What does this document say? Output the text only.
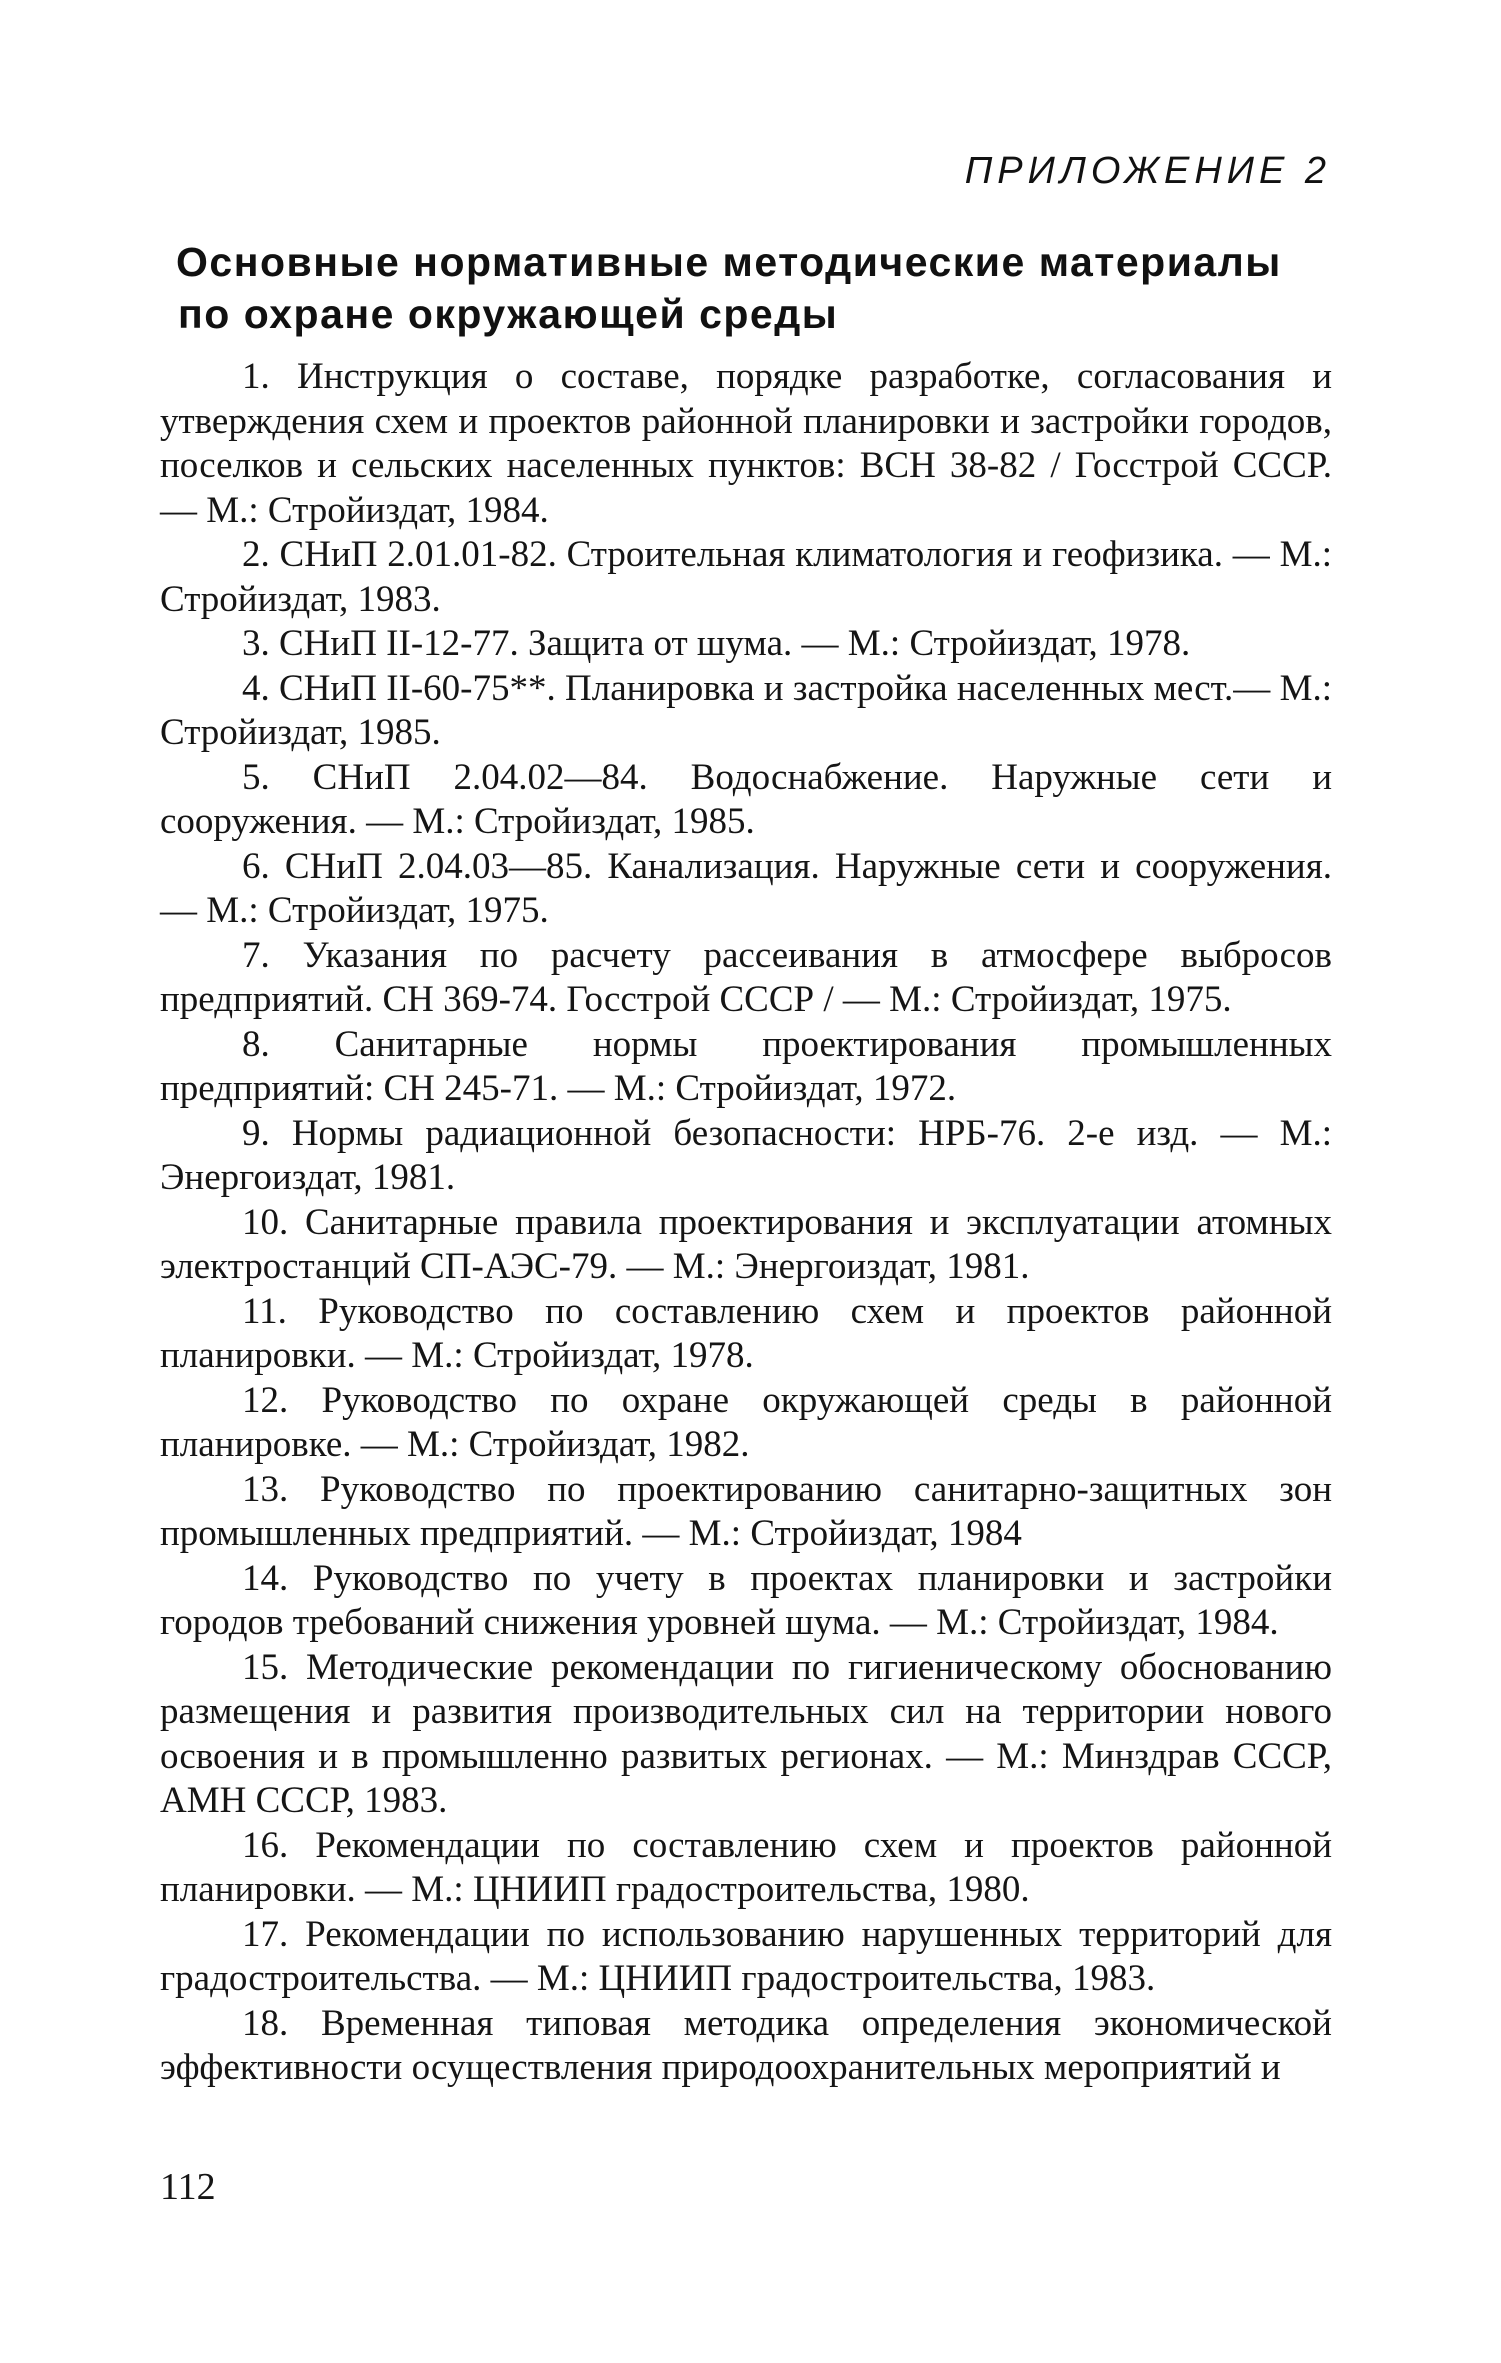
ПРИЛОЖЕНИЕ 2
Основные нормативные методические материалы
по охране окружающей среды

1. Инструкция о составе, порядке разработке, согласования и утверждения схем и проектов районной планировки и застройки городов, поселков и сельских населенных пунктов: ВСН 38-82 / Госстрой СССР. — М.: Стройиздат, 1984.

2. СНиП 2.01.01-82. Строительная климатология и геофизика. — М.: Стройиздат, 1983.

3. СНиП II-12-77. Защита от шума. — М.: Стройиздат, 1978.

4. СНиП II-60-75**. Планировка и застройка населенных мест.— М.: Стройиздат, 1985.

5. СНиП 2.04.02—84. Водоснабжение. Наружные сети и сооружения. — М.: Стройиздат, 1985.

6. СНиП 2.04.03—85. Канализация. Наружные сети и сооружения. — М.: Стройиздат, 1975.

7. Указания по расчету рассеивания в атмосфере выбросов предприятий. СН 369-74. Госстрой СССР / — М.: Стройиздат, 1975.

8. Санитарные нормы проектирования промышленных предприятий: СН 245-71. — М.: Стройиздат, 1972.

9. Нормы радиационной безопасности: НРБ-76. 2-е изд. — М.: Энергоиздат, 1981.

10. Санитарные правила проектирования и эксплуатации атомных электростанций СП-АЭС-79. — М.: Энергоиздат, 1981.

11. Руководство по составлению схем и проектов районной планировки. — М.: Стройиздат, 1978.

12. Руководство по охране окружающей среды в районной планировке. — М.: Стройиздат, 1982.

13. Руководство по проектированию санитарно-защитных зон промышленных предприятий. — М.: Стройиздат, 1984

14. Руководство по учету в проектах планировки и застройки городов требований снижения уровней шума. — М.: Стройиздат, 1984.

15. Методические рекомендации по гигиеническому обоснованию размещения и развития производительных сил на территории нового освоения и в промышленно развитых регионах. — М.: Минздрав СССР, АМН СССР, 1983.

16. Рекомендации по составлению схем и проектов районной планировки. — М.: ЦНИИП градостроительства, 1980.

17. Рекомендации по использованию нарушенных территорий для градостроительства. — М.: ЦНИИП градостроительства, 1983.

18. Временная типовая методика определения экономической эффективности осуществления природоохранительных мероприятий и

112
